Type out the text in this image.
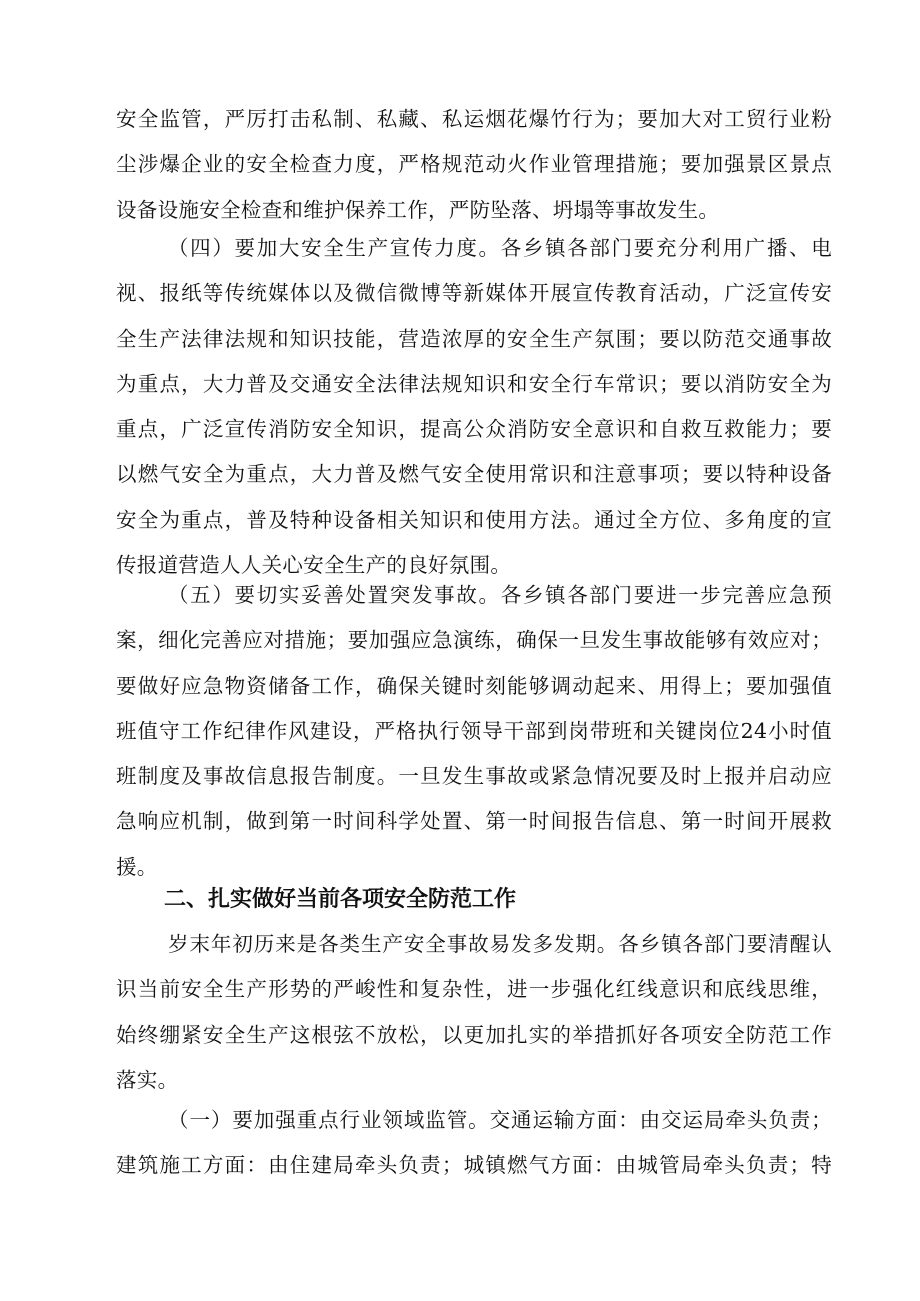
安全监管，严厉打击私制、私藏、私运烟花爆竹行为；要加大对工贸行业粉
尘涉爆企业的安全检查力度，严格规范动火作业管理措施；要加强景区景点
设备设施安全检查和维护保养工作，严防坠落、坍塌等事故发生。
（四）要加大安全生产宣传力度。各乡镇各部门要充分利用广播、电
视、报纸等传统媒体以及微信微博等新媒体开展宣传教育活动，广泛宣传安
全生产法律法规和知识技能，营造浓厚的安全生产氛围；要以防范交通事故
为重点，大力普及交通安全法律法规知识和安全行车常识；要以消防安全为
重点，广泛宣传消防安全知识，提高公众消防安全意识和自救互救能力；要
以燃气安全为重点，大力普及燃气安全使用常识和注意事项；要以特种设备
安全为重点，普及特种设备相关知识和使用方法。通过全方位、多角度的宣
传报道营造人人关心安全生产的良好氛围。
（五）要切实妥善处置突发事故。各乡镇各部门要进一步完善应急预
案，细化完善应对措施；要加强应急演练，确保一旦发生事故能够有效应对；
要做好应急物资储备工作，确保关键时刻能够调动起来、用得上；要加强值
班值守工作纪律作风建设，严格执行领导干部到岗带班和关键岗位24小时值
班制度及事故信息报告制度。一旦发生事故或紧急情况要及时上报并启动应
急响应机制，做到第一时间科学处置、第一时间报告信息、第一时间开展救
援。
二、扎实做好当前各项安全防范工作
岁末年初历来是各类生产安全事故易发多发期。各乡镇各部门要清醒认
识当前安全生产形势的严峻性和复杂性，进一步强化红线意识和底线思维，
始终绷紧安全生产这根弦不放松，以更加扎实的举措抓好各项安全防范工作
落实。
（一）要加强重点行业领域监管。交通运输方面：由交运局牵头负责；
建筑施工方面：由住建局牵头负责；城镇燃气方面：由城管局牵头负责；特
